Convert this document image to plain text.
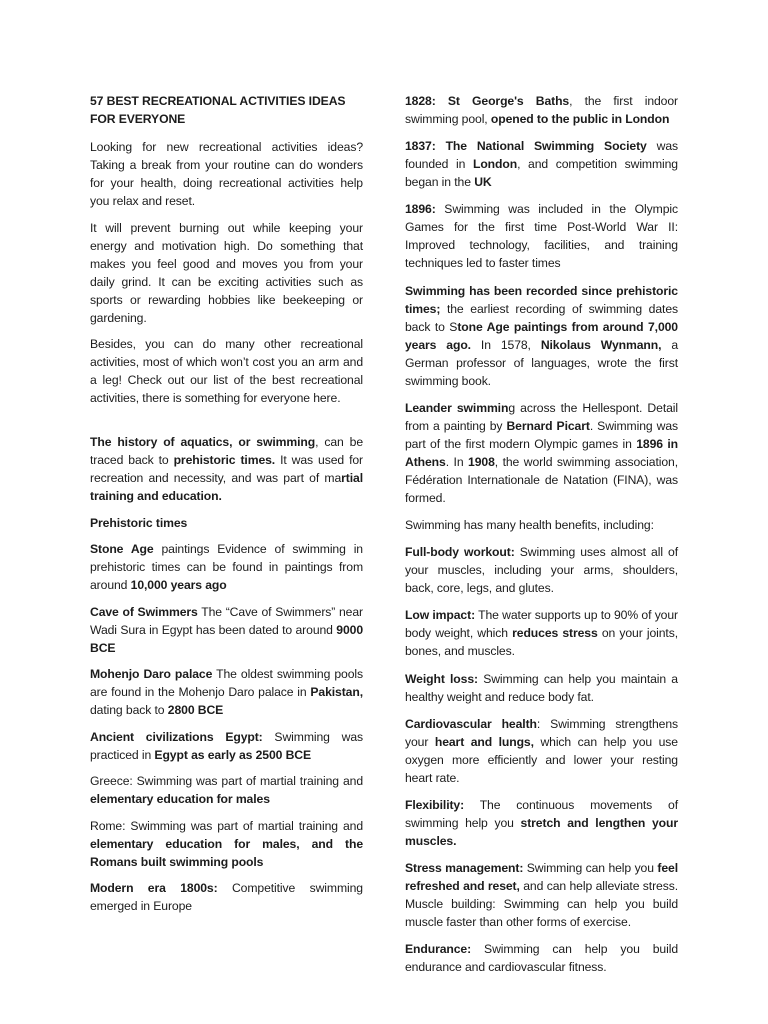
57 BEST RECREATIONAL ACTIVITIES IDEAS FOR EVERYONE

Looking for new recreational activities ideas? Taking a break from your routine can do wonders for your health, doing recreational activities help you relax and reset.

It will prevent burning out while keeping your energy and motivation high. Do something that makes you feel good and moves you from your daily grind. It can be exciting activities such as sports or rewarding hobbies like beekeeping or gardening.

Besides, you can do many other recreational activities, most of which won’t cost you an arm and a leg! Check out our list of the best recreational activities, there is something for everyone here.

The history of aquatics, or swimming, can be traced back to prehistoric times. It was used for recreation and necessity, and was part of martial training and education.

Prehistoric times

Stone Age paintings Evidence of swimming in prehistoric times can be found in paintings from around 10,000 years ago

Cave of Swimmers The “Cave of Swimmers” near Wadi Sura in Egypt has been dated to around 9000 BCE

Mohenjo Daro palace The oldest swimming pools are found in the Mohenjo Daro palace in Pakistan, dating back to 2800 BCE

Ancient civilizations Egypt: Swimming was practiced in Egypt as early as 2500 BCE

Greece: Swimming was part of martial training and elementary education for males

Rome: Swimming was part of martial training and elementary education for males, and the Romans built swimming pools

Modern era 1800s: Competitive swimming emerged in Europe

1828: St George's Baths, the first indoor swimming pool, opened to the public in London

1837: The National Swimming Society was founded in London, and competition swimming began in the UK

1896: Swimming was included in the Olympic Games for the first time Post-World War II: Improved technology, facilities, and training techniques led to faster times

Swimming has been recorded since prehistoric times; the earliest recording of swimming dates back to Stone Age paintings from around 7,000 years ago. In 1578, Nikolaus Wynmann, a German professor of languages, wrote the first swimming book.

Leander swimming across the Hellespont. Detail from a painting by Bernard Picart. Swimming was part of the first modern Olympic games in 1896 in Athens. In 1908, the world swimming association, Fédération Internationale de Natation (FINA), was formed.

Swimming has many health benefits, including:

Full-body workout: Swimming uses almost all of your muscles, including your arms, shoulders, back, core, legs, and glutes.

Low impact: The water supports up to 90% of your body weight, which reduces stress on your joints, bones, and muscles.

Weight loss: Swimming can help you maintain a healthy weight and reduce body fat.

Cardiovascular health: Swimming strengthens your heart and lungs, which can help you use oxygen more efficiently and lower your resting heart rate.

Flexibility: The continuous movements of swimming help you stretch and lengthen your muscles.

Stress management: Swimming can help you feel refreshed and reset, and can help alleviate stress. Muscle building: Swimming can help you build muscle faster than other forms of exercise.

Endurance: Swimming can help you build endurance and cardiovascular fitness.
